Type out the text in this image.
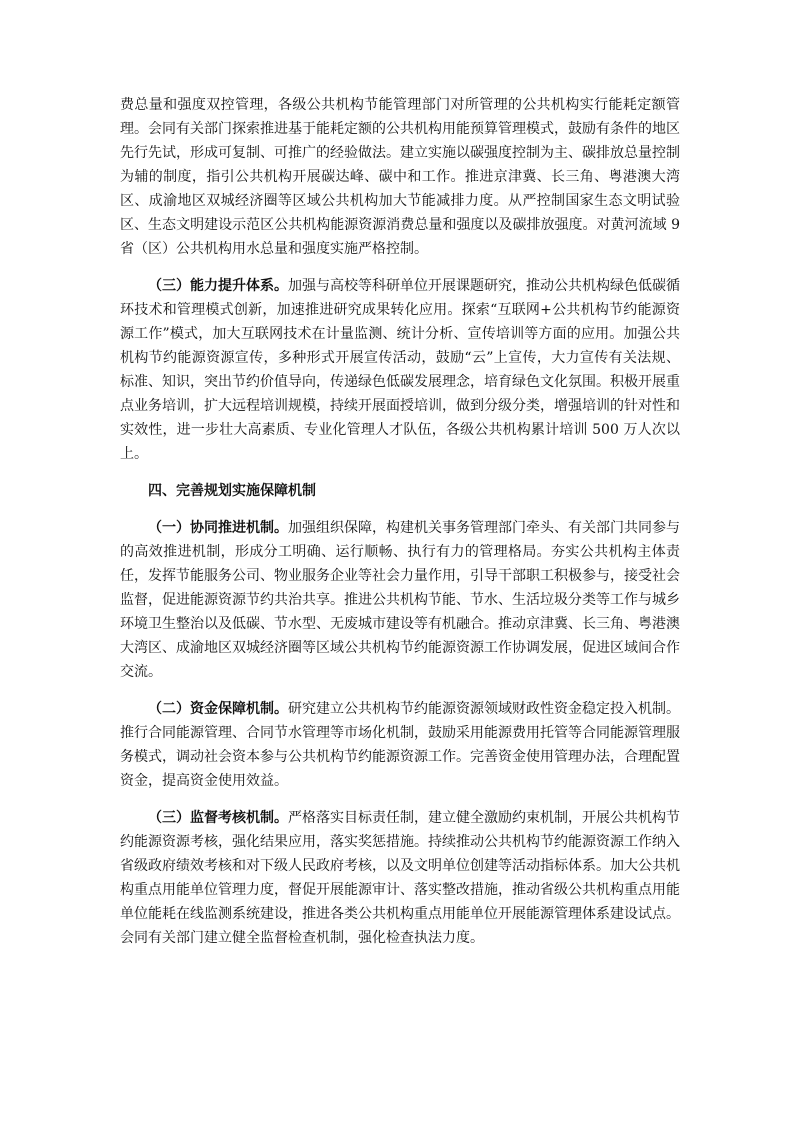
费总量和强度双控管理，各级公共机构节能管理部门对所管理的公共机构实行能耗定额管理。会同有关部门探索推进基于能耗定额的公共机构用能预算管理模式，鼓励有条件的地区先行先试，形成可复制、可推广的经验做法。建立实施以碳强度控制为主、碳排放总量控制为辅的制度，指引公共机构开展碳达峰、碳中和工作。推进京津冀、长三角、粤港澳大湾区、成渝地区双城经济圈等区域公共机构加大节能减排力度。从严控制国家生态文明试验区、生态文明建设示范区公共机构能源资源消费总量和强度以及碳排放强度。对黄河流域 9 省（区）公共机构用水总量和强度实施严格控制。

（三）能力提升体系。加强与高校等科研单位开展课题研究，推动公共机构绿色低碳循环技术和管理模式创新，加速推进研究成果转化应用。探索“互联网+公共机构节约能源资源工作”模式，加大互联网技术在计量监测、统计分析、宣传培训等方面的应用。加强公共机构节约能源资源宣传，多种形式开展宣传活动，鼓励“云”上宣传，大力宣传有关法规、标准、知识，突出节约价值导向，传递绿色低碳发展理念，培育绿色文化氛围。积极开展重点业务培训，扩大远程培训规模，持续开展面授培训，做到分级分类，增强培训的针对性和实效性，进一步壮大高素质、专业化管理人才队伍，各级公共机构累计培训 500 万人次以上。

四、完善规划实施保障机制

（一）协同推进机制。加强组织保障，构建机关事务管理部门牵头、有关部门共同参与的高效推进机制，形成分工明确、运行顺畅、执行有力的管理格局。夯实公共机构主体责任，发挥节能服务公司、物业服务企业等社会力量作用，引导干部职工积极参与，接受社会监督，促进能源资源节约共治共享。推进公共机构节能、节水、生活垃圾分类等工作与城乡环境卫生整治以及低碳、节水型、无废城市建设等有机融合。推动京津冀、长三角、粤港澳大湾区、成渝地区双城经济圈等区域公共机构节约能源资源工作协调发展，促进区域间合作交流。

（二）资金保障机制。研究建立公共机构节约能源资源领域财政性资金稳定投入机制。推行合同能源管理、合同节水管理等市场化机制，鼓励采用能源费用托管等合同能源管理服务模式，调动社会资本参与公共机构节约能源资源工作。完善资金使用管理办法，合理配置资金，提高资金使用效益。

（三）监督考核机制。严格落实目标责任制，建立健全激励约束机制，开展公共机构节约能源资源考核，强化结果应用，落实奖惩措施。持续推动公共机构节约能源资源工作纳入省级政府绩效考核和对下级人民政府考核，以及文明单位创建等活动指标体系。加大公共机构重点用能单位管理力度，督促开展能源审计、落实整改措施，推动省级公共机构重点用能单位能耗在线监测系统建设，推进各类公共机构重点用能单位开展能源管理体系建设试点。会同有关部门建立健全监督检查机制，强化检查执法力度。
